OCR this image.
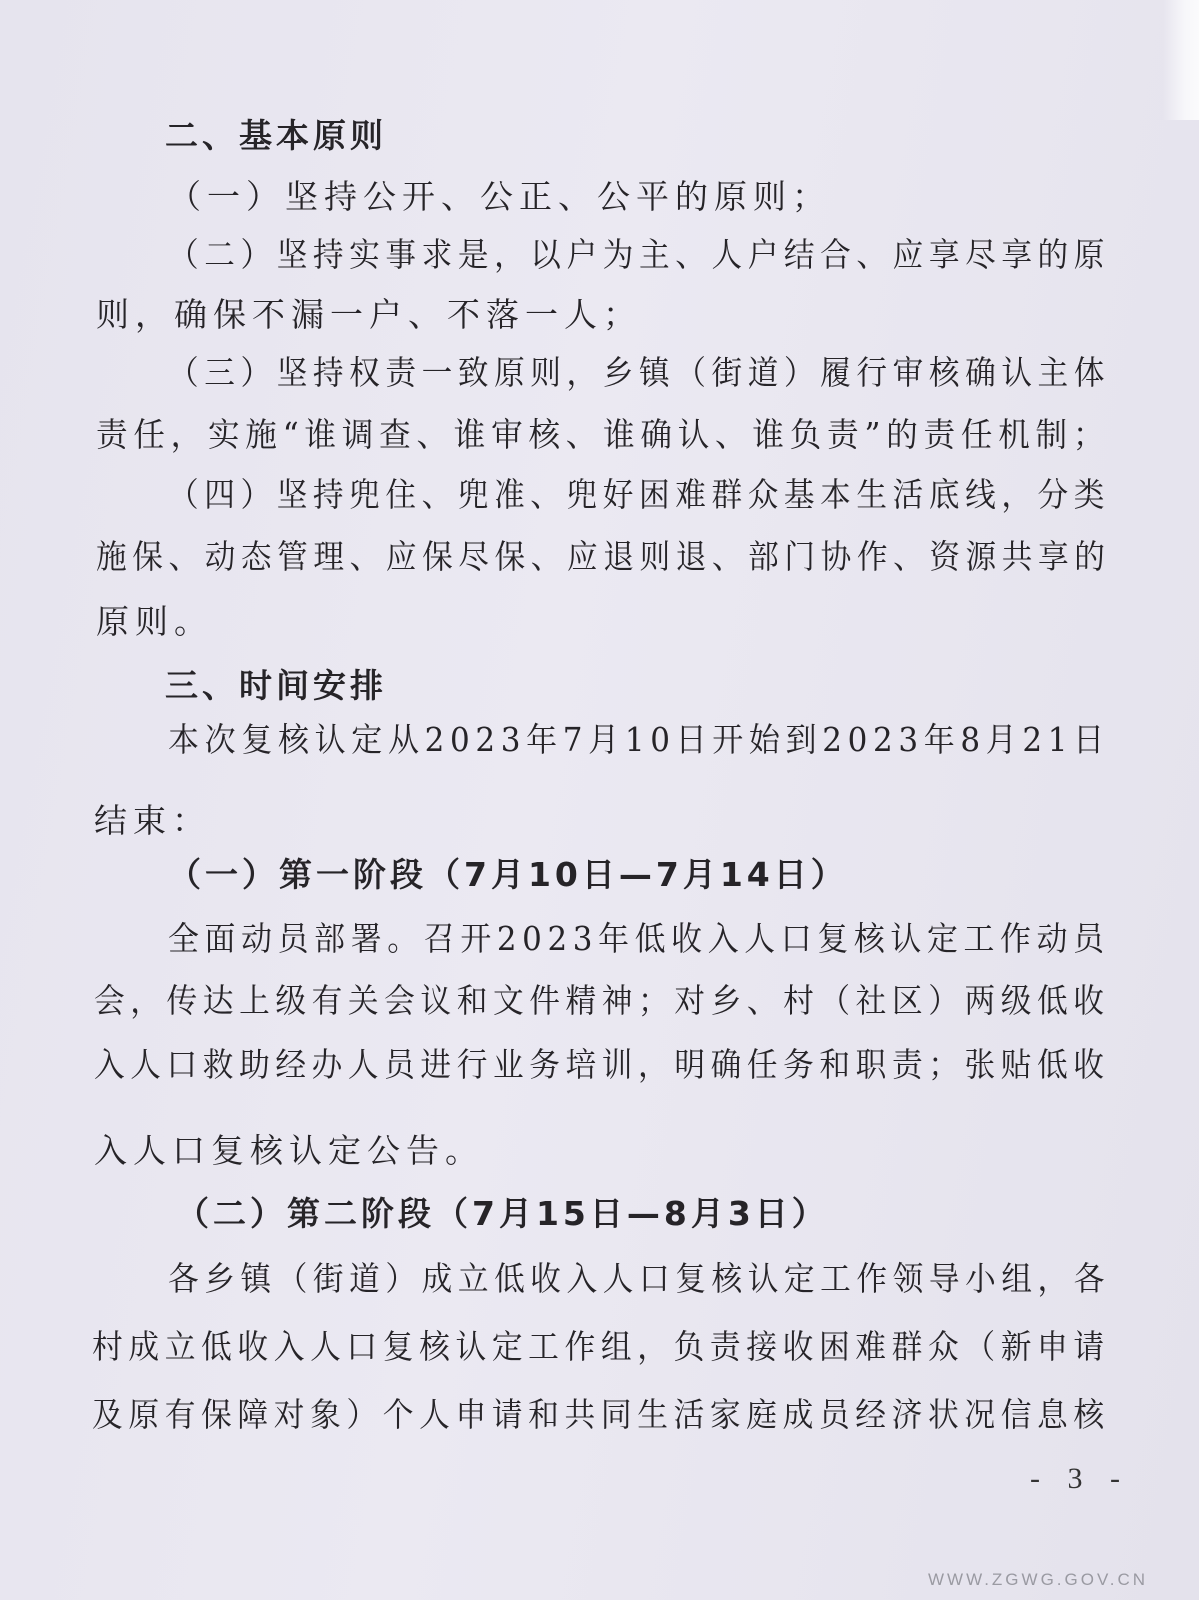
二、基本原则
（一）坚持公开、公正、公平的原则；
（二）坚持实事求是，以户为主、人户结合、应享尽享的原
则，确保不漏一户、不落一人；
（三）坚持权责一致原则，乡镇（街道）履行审核确认主体
责任，实施“谁调查、谁审核、谁确认、谁负责”的责任机制；
（四）坚持兜住、兜准、兜好困难群众基本生活底线，分类
施保、动态管理、应保尽保、应退则退、部门协作、资源共享的
原则。
三、时间安排
本次复核认定从2023年7月10日开始到2023年8月21日
结束：
（一）第一阶段（7月10日—7月14日）
全面动员部署。召开2023年低收入人口复核认定工作动员
会，传达上级有关会议和文件精神；对乡、村（社区）两级低收
入人口救助经办人员进行业务培训，明确任务和职责；张贴低收
入人口复核认定公告。
（二）第二阶段（7月15日—8月3日）
各乡镇（街道）成立低收入人口复核认定工作领导小组，各
村成立低收入人口复核认定工作组，负责接收困难群众（新申请
及原有保障对象）个人申请和共同生活家庭成员经济状况信息核
- 3 -
WWW.ZGWG.GOV.CN
